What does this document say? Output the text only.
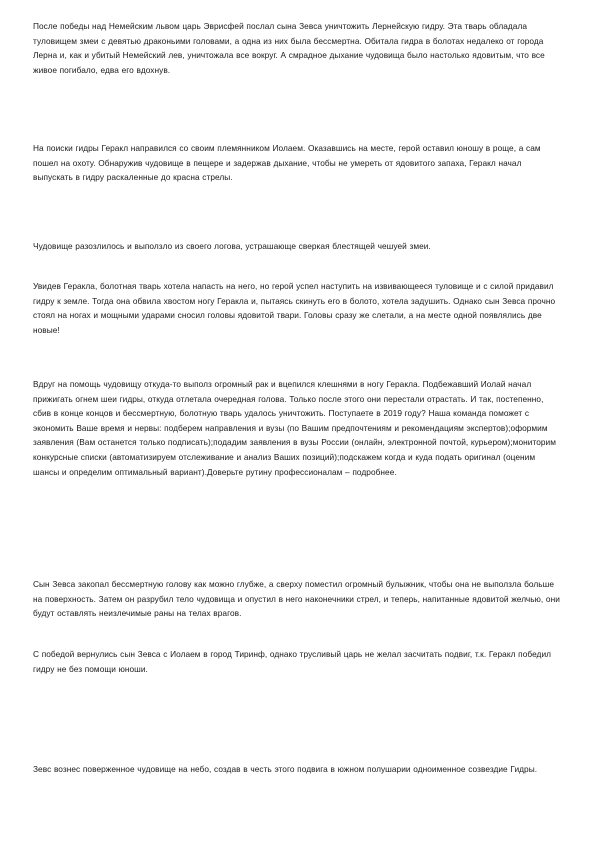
После победы над Немейским львом царь Эврисфей послал сына Зевса уничтожить Лернейскую гидру. Эта тварь обладала туловищем змеи с девятью драконьими головами, а одна из них была бессмертна. Обитала гидра в болотах недалеко от города Лерна и, как и убитый Немейский лев, уничтожала все вокруг. А смрадное дыхание чудовища было настолько ядовитым, что все живое погибало, едва его вдохнув.

На поиски гидры Геракл направился со своим племянником Иолаем. Оказавшись на месте, герой оставил юношу в роще, а сам пошел на охоту. Обнаружив чудовище в пещере и задержав дыхание, чтобы не умереть от ядовитого запаха, Геракл начал выпускать в гидру раскаленные до красна стрелы.

Чудовище разозлилось и выползло из своего логова, устрашающе сверкая блестящей чешуей змеи.

Увидев Геракла, болотная тварь хотела напасть на него, но герой успел наступить на извивающееся туловище и с силой придавил гидру к земле. Тогда она обвила хвостом ногу Геракла и, пытаясь скинуть его в болото, хотела задушить. Однако сын Зевса прочно стоял на ногах и мощными ударами сносил головы ядовитой твари. Головы сразу же слетали, а на месте одной появлялись две новые!

Вдруг на помощь чудовищу откуда-то выполз огромный рак и вцепился клешнями в ногу Геракла. Подбежавший Иолай начал прижигать огнем шеи гидры, откуда отлетала очередная голова. Только после этого они перестали отрастать. И так, постепенно, сбив в конце концов и бессмертную, болотную тварь удалось уничтожить. Поступаете в 2019 году? Наша команда поможет с экономить Ваше время и нервы: подберем направления и вузы (по Вашим предпочтениям и рекомендациям экспертов);оформим заявления (Вам останется только подписать);подадим заявления в вузы России (онлайн, электронной почтой, курьером);мониторим конкурсные списки (автоматизируем отслеживание и анализ Ваших позиций);подскажем когда и куда подать оригинал (оценим шансы и определим оптимальный вариант).Доверьте рутину профессионалам – подробнее.

Сын Зевса закопал бессмертную голову как можно глубже, а сверху поместил огромный булыжник, чтобы она не выползла больше на поверхность. Затем он разрубил тело чудовища и опустил в него наконечники стрел, и теперь, напитанные ядовитой желчью, они будут оставлять неизлечимые раны на телах врагов.

С победой вернулись сын Зевса с Иолаем в город Тиринф, однако трусливый царь не желал засчитать подвиг, т.к. Геракл победил гидру не без помощи юноши.

Зевс вознес поверженное чудовище на небо, создав в честь этого подвига в южном полушарии одноименное созвездие Гидры.
